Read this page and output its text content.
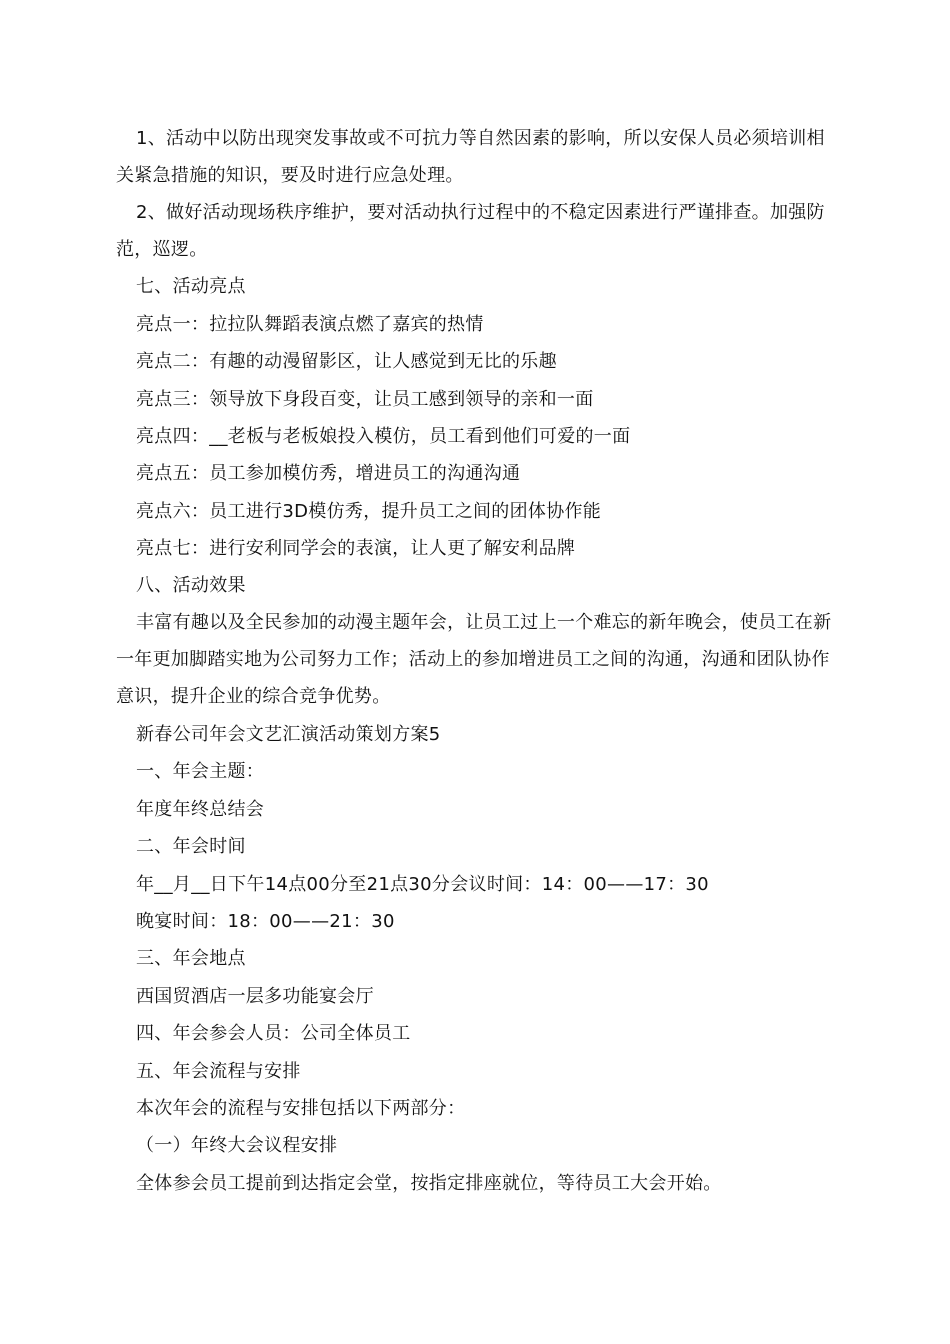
1、活动中以防出现突发事故或不可抗力等自然因素的影响，所以安保人员必须培训相关紧急措施的知识，要及时进行应急处理。

2、做好活动现场秩序维护，要对活动执行过程中的不稳定因素进行严谨排查。加强防范，巡逻。

七、活动亮点

亮点一：拉拉队舞蹈表演点燃了嘉宾的热情

亮点二：有趣的动漫留影区，让人感觉到无比的乐趣

亮点三：领导放下身段百变，让员工感到领导的亲和一面

亮点四：__老板与老板娘投入模仿，员工看到他们可爱的一面

亮点五：员工参加模仿秀，增进员工的沟通沟通

亮点六：员工进行3D模仿秀，提升员工之间的团体协作能

亮点七：进行安利同学会的表演，让人更了解安利品牌

八、活动效果

丰富有趣以及全民参加的动漫主题年会，让员工过上一个难忘的新年晚会，使员工在新一年更加脚踏实地为公司努力工作；活动上的参加增进员工之间的沟通，沟通和团队协作意识，提升企业的综合竞争优势。

新春公司年会文艺汇演活动策划方案5

一、年会主题：

年度年终总结会

二、年会时间

年__月__日下午14点00分至21点30分会议时间：14：00——17：30

晚宴时间：18：00——21：30

三、年会地点

西国贸酒店一层多功能宴会厅

四、年会参会人员：公司全体员工

五、年会流程与安排

本次年会的流程与安排包括以下两部分：

（一）年终大会议程安排

全体参会员工提前到达指定会堂，按指定排座就位，等待员工大会开始。
